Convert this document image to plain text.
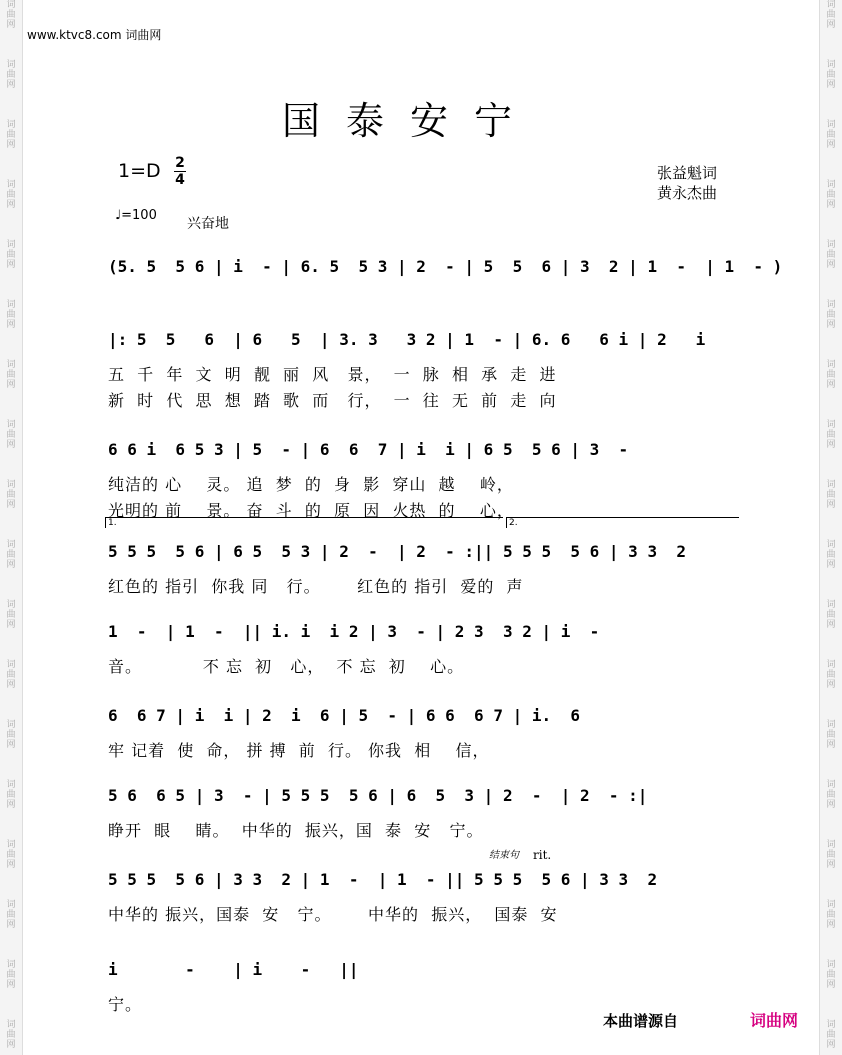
词
曲
网
词
曲
网
词
曲
网
词
曲
网
词
曲
网
词
曲
网
词
曲
网
词
曲
网
词
曲
网
词
曲
网
词
曲
网
词
曲
网
词
曲
网
词
曲
网
词
曲
网
词
曲
网
词
曲
网
词
曲
网
词
曲
网
词
曲
网
词
曲
网
词
曲
网
词
曲
网
词
曲
网
词
曲
网
词
曲
网
词
曲
网
词
曲
网
词
曲
网
词
曲
网
词
曲
网
词
曲
网
词
曲
网
词
曲
网
词
曲
网
词
曲
网
www.ktvc8.com 词曲网
国泰安宁
1=D 2
4	张益魁词
黄永杰曲
♩=100
兴奋地
(5. 5  5 6 | i  - | 6. 5  5 3 | 2  - | 5  5  6 | 3  2 | 1  -  | 1  - )
|: 5  5   6  | 6   5  | 3. 3   3 2 | 1  - | 6. 6   6 i | 2   i
五  千  年  文  明  靓  丽  风   景，  一  脉  相  承  走  进
新  时  代  思  想  踏  歌  而   行，  一  往  无  前  走  向
6 6 i  6 5 3 | 5  - | 6  6  7 | i  i | 6 5  5 6 | 3  -
纯洁的 心    灵。 追  梦  的  身  影  穿山  越    岭，
光明的 前    景。 奋  斗  的  原  因  火热  的    心，
5 5 5  5 6 | 6 5  5 3 | 2  -  | 2  - :|| 5 5 5  5 6 | 3 3  2
红色的 指引  你我 同   行。      红色的 指引  爱的  声
1  -  | 1  -  || i. i  i 2 | 3  - | 2 3  3 2 | i  -
音。          不 忘  初   心，  不 忘  初    心。
6  6 7 | i  i | 2  i  6 | 5  - | 6 6  6 7 | i.  6
牢 记着  使  命， 拼 搏  前  行。 你我  相    信，
5 6  6 5 | 3  - | 5 5 5  5 6 | 6  5  3 | 2  -  | 2  - :|
睁开  眼    睛。  中华的  振兴，国  泰  安   宁。
5 5 5  5 6 | 3 3  2 | 1  -  | 1  - || 5 5 5  5 6 | 3 3  2
中华的 振兴，国泰  安   宁。      中华的  振兴，  国泰  安
i       -    | i    -   ||
宁。
1.	2.
结束句 rit.
本曲谱源自	词曲网
